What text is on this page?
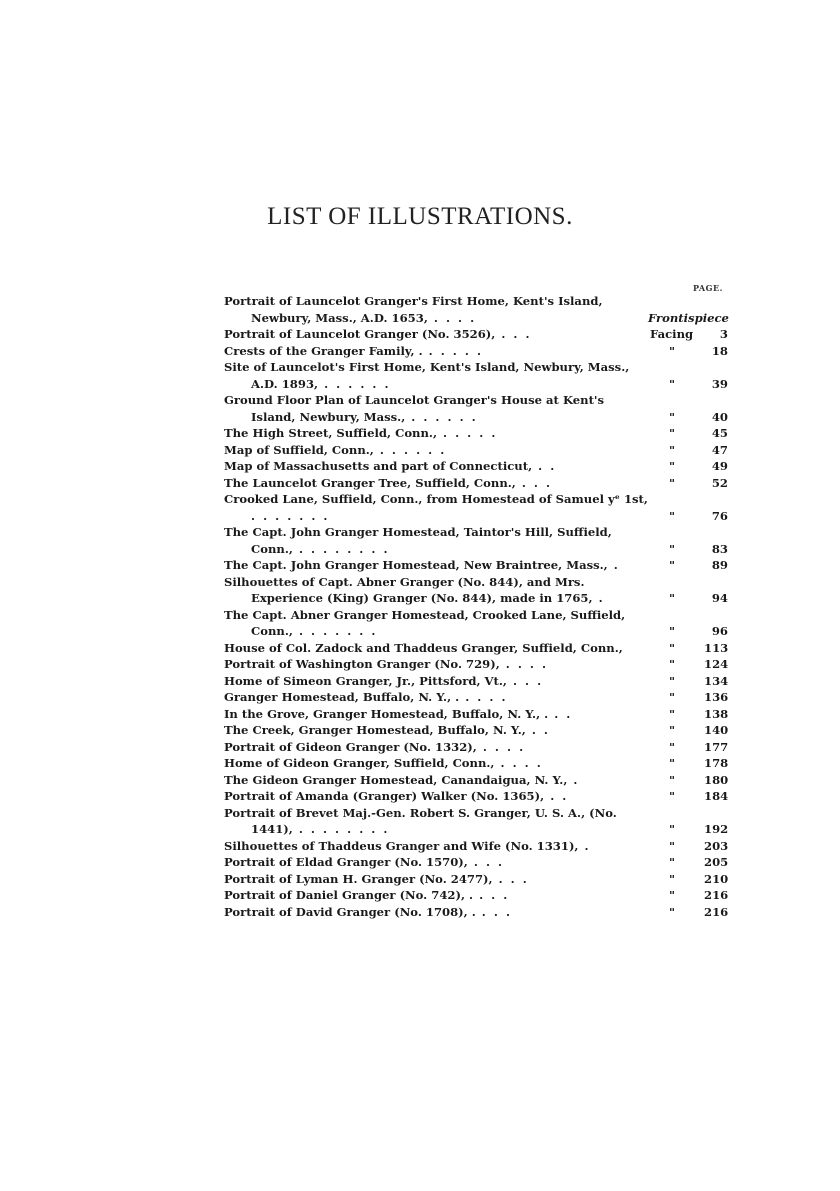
LIST OF ILLUSTRATIONS.
PAGE.
Portrait of Launcelot Granger's First Home, Kent's Island, Newbury, Mass., A.D. 1653, . . . .	Frontispiece
Portrait of Launcelot Granger (No. 3526), . . .	Facing	3
Crests of the Granger Family, . . . . . .	"	18
Site of Launcelot's First Home, Kent's Island, Newbury, Mass., A.D. 1893, . . . . . .	"	39
Ground Floor Plan of Launcelot Granger's House at Kent's Island, Newbury, Mass., . . . . . .	"	40
The High Street, Suffield, Conn., . . . . .	"	45
Map of Suffield, Conn., . . . . . .	"	47
Map of Massachusetts and part of Connecticut, . .	"	49
The Launcelot Granger Tree, Suffield, Conn., . . .	"	52
Crooked Lane, Suffield, Conn., from Homestead of Samuel yᵉ 1st, . . . . . . .	"	76
The Capt. John Granger Homestead, Taintor's Hill, Suffield, Conn., . . . . . . . .	"	83
The Capt. John Granger Homestead, New Braintree, Mass., .	"	89
Silhouettes of Capt. Abner Granger (No. 844), and Mrs. Experience (King) Granger (No. 844), made in 1765, .	"	94
The Capt. Abner Granger Homestead, Crooked Lane, Suffield, Conn., . . . . . . .	"	96
House of Col. Zadock and Thaddeus Granger, Suffield, Conn.,	"	113
Portrait of Washington Granger (No. 729), . . . .	"	124
Home of Simeon Granger, Jr., Pittsford, Vt., . . .	"	134
Granger Homestead, Buffalo, N. Y., . . . . .	"	136
In the Grove, Granger Homestead, Buffalo, N. Y., . . .	"	138
The Creek, Granger Homestead, Buffalo, N. Y., . .	"	140
Portrait of Gideon Granger (No. 1332), . . . .	"	177
Home of Gideon Granger, Suffield, Conn., . . . .	"	178
The Gideon Granger Homestead, Canandaigua, N. Y., .	"	180
Portrait of Amanda (Granger) Walker (No. 1365), . .	"	184
Portrait of Brevet Maj.-Gen. Robert S. Granger, U. S. A., (No. 1441), . . . . . . . .	"	192
Silhouettes of Thaddeus Granger and Wife (No. 1331), .	"	203
Portrait of Eldad Granger (No. 1570), . . .	"	205
Portrait of Lyman H. Granger (No. 2477), . . .	"	210
Portrait of Daniel Granger (No. 742), . . . .	"	216
Portrait of David Granger (No. 1708), . . . .	"	216
